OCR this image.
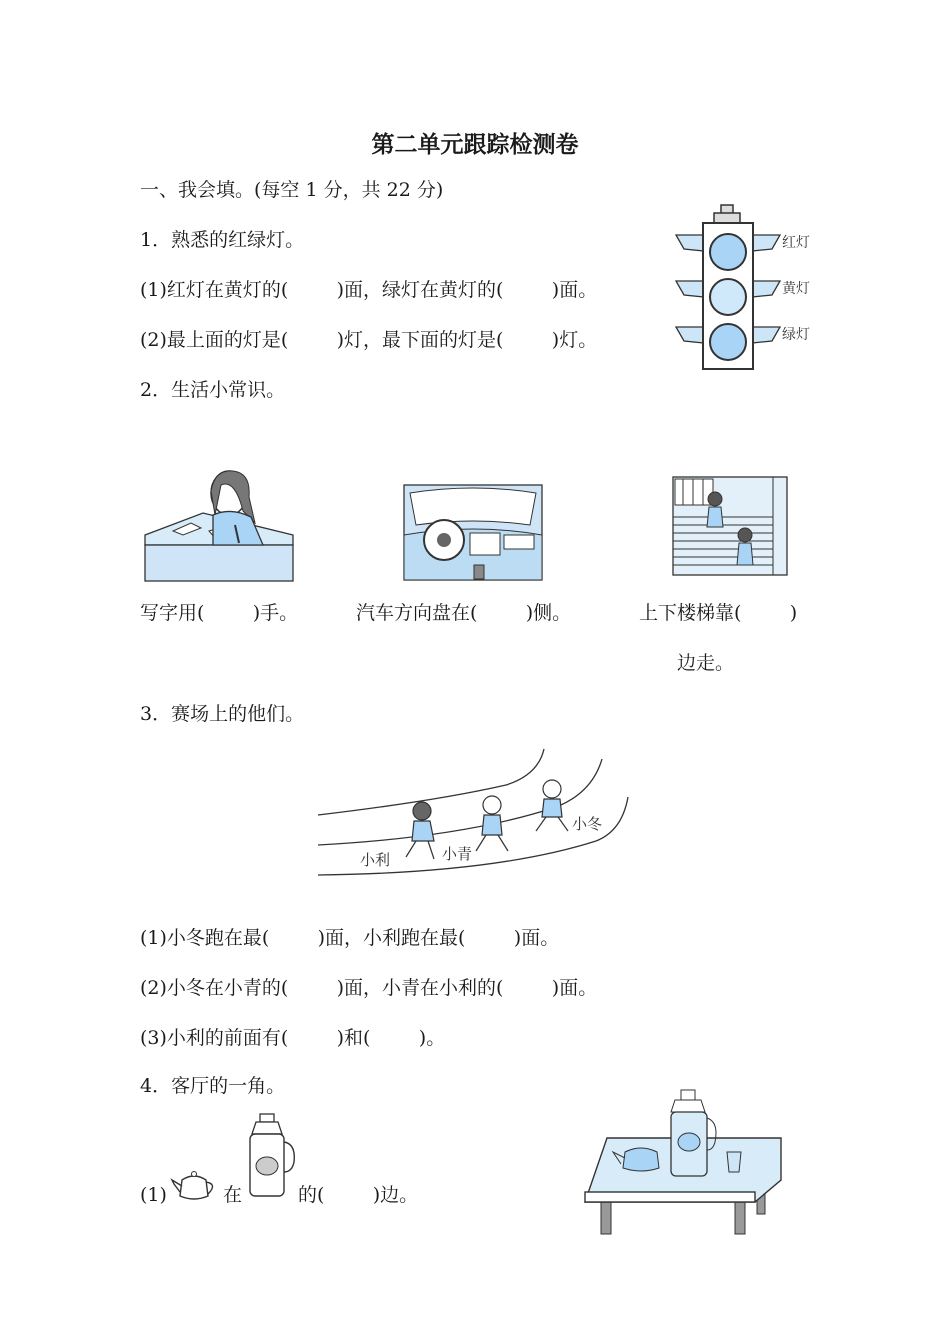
第二单元跟踪检测卷
一、我会填。(每空 1 分，共 22 分)
1．熟悉的红绿灯。
(1)红灯在黄灯的(        )面，绿灯在黄灯的(        )面。
(2)最上面的灯是(        )灯，最下面的灯是(        )灯。
红灯
黄灯
绿灯
2．生活小常识。
写字用(        )手。	汽车方向盘在(        )侧。	上下楼梯靠(        )
边走。
3．赛场上的他们。
小利	小青
小冬
(1)小冬跑在最(        )面，小利跑在最(        )面。
(2)小冬在小青的(        )面，小青在小利的(        )面。
(3)小利的前面有(        )和(        )。
4．客厅的一角。
(1)	在	的(        )边。
